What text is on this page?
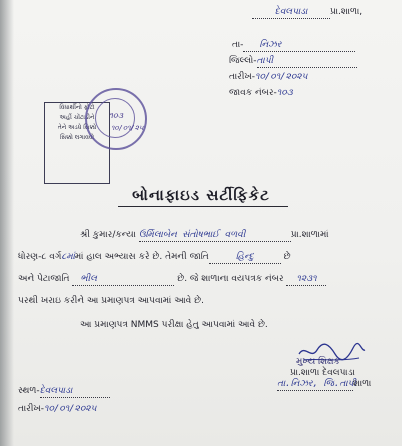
દેવલપાડા	પ્રા.શાળા,
તા- નિઝર
જિલ્લો-તાપી
તારીખ-૧૦/૦૧/૨૦૨૫
જાવક નંબર-૧૦૩
વિધાર્થીનો ફોટો
અહીં ચોંટાડીને
તેને અડધે સિક્કો
સિક્કો લગાવવો
૧૦૩
૧૦/૦૧/૨૫
બોનાફાઇડ સર્ટીફિકેટ
શ્રી કુમાર/કન્યા ઉર્મિલાબેન સંતોષભાઈ વળવી	પ્રા.શાળામાં
ધોરણ-૮ વર્ગ૮માંમાં હાલ અભ્યાસ કરે છે. તેમની જાતિ	હિન્દુ	છે
અને પેટાજાતિ ભીલ	છે. જે શાળાના વયપત્રક નંબર ૧૨૩૧
પરથી ખરાઇ કરીને આ પ્રમાણપત્ર આપવામાં આવે છે.
આ પ્રમાણપત્ર NMMS પરીક્ષા હેતુ આપવામાં આવે છે.
મુખ્ય શિક્ષક
પ્રા.શાળા દેવલપાડા
તા.નિઝર, જિ.તાપીશાળા
સ્થળ-દેવલપાડા
તારીખ-૧૦/૦૧/૨૦૨૫
